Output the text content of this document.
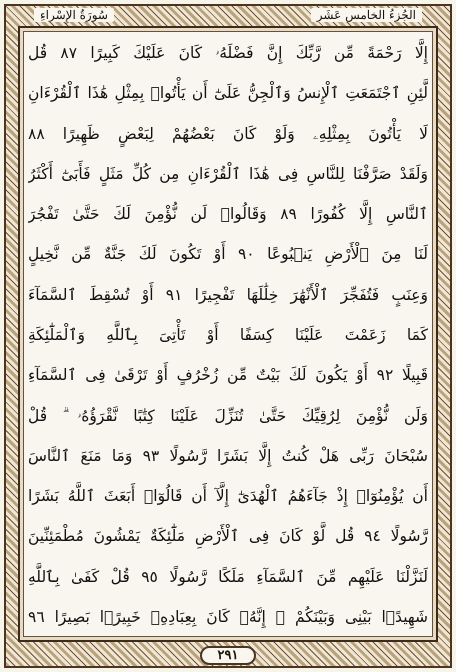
الجُزءُ الخامس عَشَر
سُورَةُ الإِسْراءِ
إِلَّا رَحْمَةً مِّن رَّبِّكَ إِنَّ فَضْلَهُۥ كَانَ عَلَيْكَ كَبِيرًا ٨٧ قُل
لَّئِنِ ٱجْتَمَعَتِ ٱلْإِنسُ وَٱلْجِنُّ عَلَىٰٓ أَن يَأْتُوا۟ بِمِثْلِ هَٰذَا ٱلْقُرْءَانِ
لَا يَأْتُونَ بِمِثْلِهِۦ وَلَوْ كَانَ بَعْضُهُمْ لِبَعْضٍ ظَهِيرًا ٨٨
وَلَقَدْ صَرَّفْنَا لِلنَّاسِ فِى هَٰذَا ٱلْقُرْءَانِ مِن كُلِّ مَثَلٍ فَأَبَىٰٓ أَكْثَرُ
ٱلنَّاسِ إِلَّا كُفُورًا ٨٩ وَقَالُوا۟ لَن نُّؤْمِنَ لَكَ حَتَّىٰ تَفْجُرَ
لَنَا مِنَ ٱلْأَرْضِ يَنۢبُوعًا ٩٠ أَوْ تَكُونَ لَكَ جَنَّةٌ مِّن نَّخِيلٍ
وَعِنَبٍ فَتُفَجِّرَ ٱلْأَنْهَٰرَ خِلَٰلَهَا تَفْجِيرًا ٩١ أَوْ تُسْقِطَ ٱلسَّمَآءَ
كَمَا زَعَمْتَ عَلَيْنَا كِسَفًا أَوْ تَأْتِىَ بِٱللَّهِ وَٱلْمَلَٰٓئِكَةِ
قَبِيلًا ٩٢ أَوْ يَكُونَ لَكَ بَيْتٌ مِّن زُخْرُفٍ أَوْ تَرْقَىٰ فِى ٱلسَّمَآءِ
وَلَن نُّؤْمِنَ لِرُقِيِّكَ حَتَّىٰ تُنَزِّلَ عَلَيْنَا كِتَٰبًا نَّقْرَؤُهُۥ ۗ قُلْ
سُبْحَانَ رَبِّى هَلْ كُنتُ إِلَّا بَشَرًا رَّسُولًا ٩٣ وَمَا مَنَعَ ٱلنَّاسَ
أَن يُؤْمِنُوٓا۟ إِذْ جَآءَهُمُ ٱلْهُدَىٰٓ إِلَّآ أَن قَالُوٓا۟ أَبَعَثَ ٱللَّهُ بَشَرًا
رَّسُولًا ٩٤ قُل لَّوْ كَانَ فِى ٱلْأَرْضِ مَلَٰٓئِكَةٌ يَمْشُونَ مُطْمَئِنِّينَ
لَنَزَّلْنَا عَلَيْهِم مِّنَ ٱلسَّمَآءِ مَلَكًا رَّسُولًا ٩٥ قُلْ كَفَىٰ بِٱللَّهِ
شَهِيدًۢا بَيْنِى وَبَيْنَكُمْ ۚ إِنَّهُۥ كَانَ بِعِبَادِهِۦ خَبِيرًۢا بَصِيرًا ٩٦
٢٩١
